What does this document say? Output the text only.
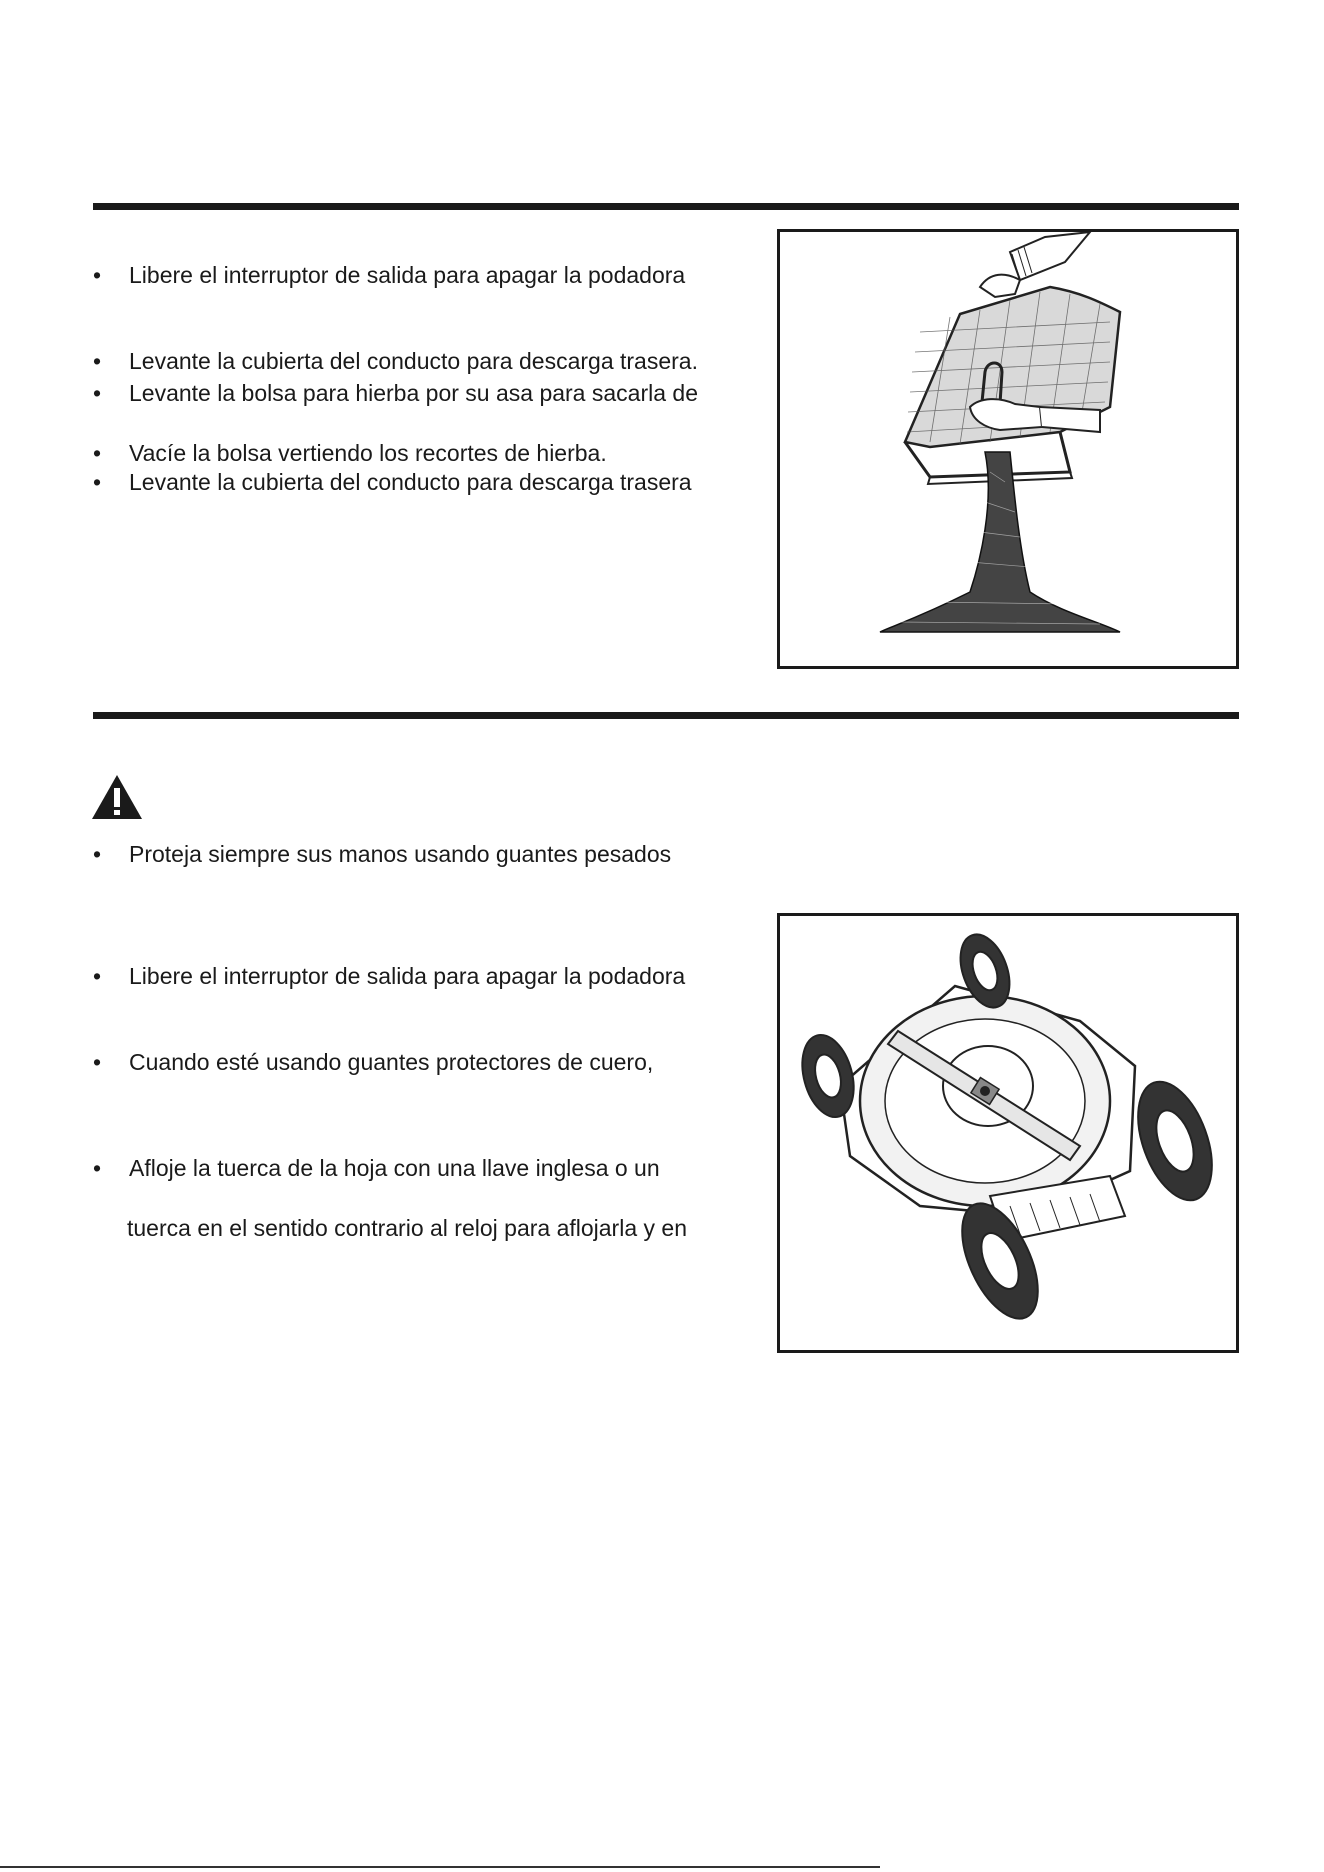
• Libere el interruptor de salida para apagar la podadora
• Levante la cubierta del conducto para descarga trasera.
• Levante la bolsa para hierba por su asa para sacarla de
• Vacíe la bolsa vertiendo los recortes de hierba.
• Levante la cubierta del conducto para descarga trasera
• Proteja siempre sus manos usando guantes pesados
• Libere el interruptor de salida para apagar la podadora
• Cuando esté usando guantes protectores de cuero,
• Afloje la tuerca de la hoja con una llave inglesa o un
tuerca en el sentido contrario al reloj para aflojarla y en
